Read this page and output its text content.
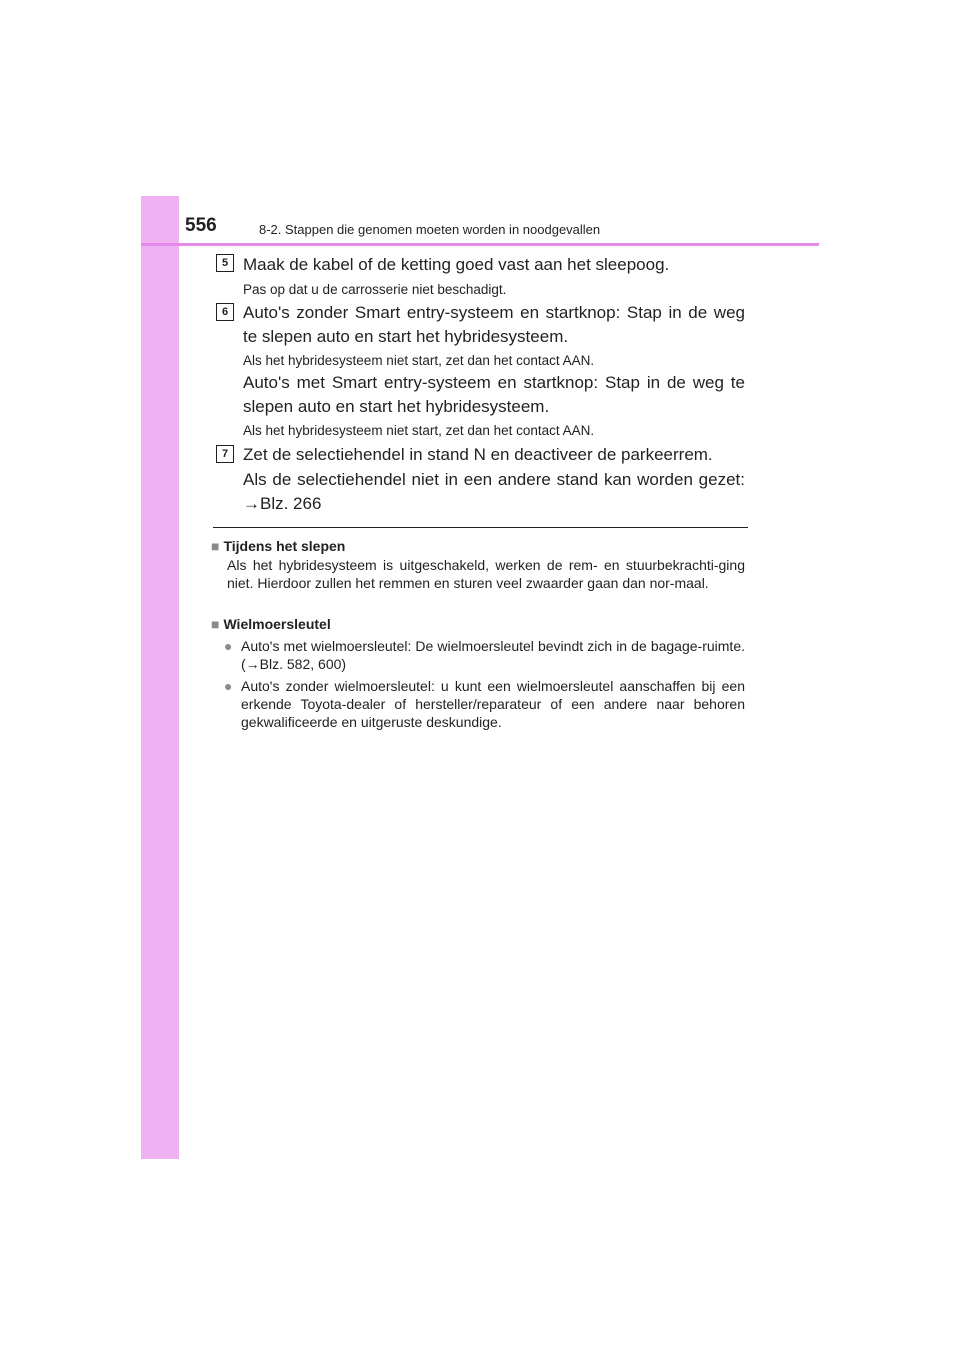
556	8-2. Stappen die genomen moeten worden in noodgevallen
5 Maak de kabel of de ketting goed vast aan het sleepoog.
Pas op dat u de carrosserie niet beschadigt.
6 Auto's zonder Smart entry-systeem en startknop: Stap in de weg te slepen auto en start het hybridesysteem.
Als het hybridesysteem niet start, zet dan het contact AAN.
Auto's met Smart entry-systeem en startknop: Stap in de weg te slepen auto en start het hybridesysteem.
Als het hybridesysteem niet start, zet dan het contact AAN.
7 Zet de selectiehendel in stand N en deactiveer de parkeerrem.
Als de selectiehendel niet in een andere stand kan worden gezet: →Blz. 266
■ Tijdens het slepen
Als het hybridesysteem is uitgeschakeld, werken de rem- en stuurbekrachti-ging niet. Hierdoor zullen het remmen en sturen veel zwaarder gaan dan nor-maal.
■ Wielmoersleutel
● Auto's met wielmoersleutel: De wielmoersleutel bevindt zich in de bagage-ruimte. (→Blz. 582, 600)
● Auto's zonder wielmoersleutel: u kunt een wielmoersleutel aanschaffen bij een erkende Toyota-dealer of hersteller/reparateur of een andere naar behoren gekwalificeerde en uitgeruste deskundige.
